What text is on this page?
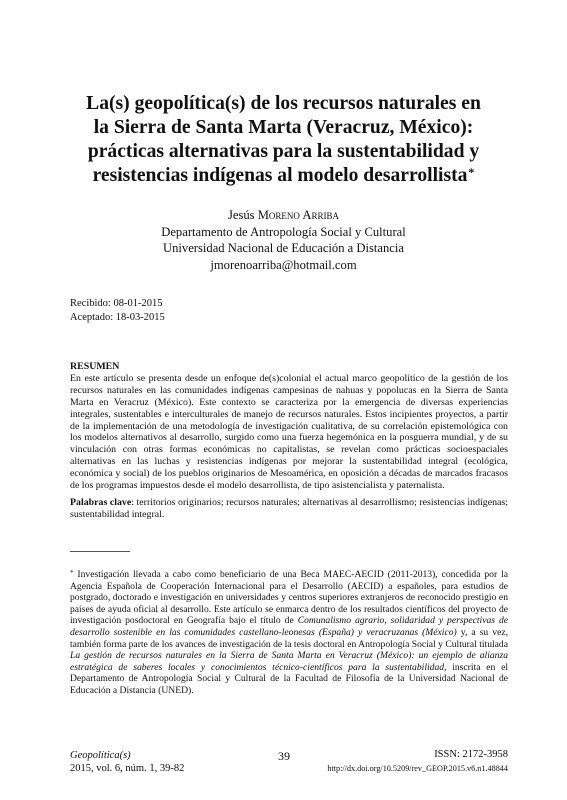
La(s) geopolítica(s) de los recursos naturales en
la Sierra de Santa Marta (Veracruz, México):
prácticas alternativas para la sustentabilidad y
resistencias indígenas al modelo desarrollista*
Jesús Moreno Arriba
Departamento de Antropología Social y Cultural
Universidad Nacional de Educación a Distancia
jmorenoarriba@hotmail.com
Recibido: 08-01-2015
Aceptado: 18-03-2015
RESUMEN
En este artículo se presenta desde un enfoque de(s)colonial el actual marco geopolítico de la gestión de los recursos naturales en las comunidades indígenas campesinas de nahuas y popolucas en la Sierra de Santa Marta en Veracruz (México). Este contexto se caracteriza por la emergencia de diversas experiencias integrales, sustentables e interculturales de manejo de recursos naturales. Estos incipientes proyectos, a partir de la implementación de una metodología de investigación cualitativa, de su correlación epistemológica con los modelos alternativos al desarrollo, surgido como una fuerza hegemónica en la posguerra mundial, y de su vinculación con otras formas económicas no capitalistas, se revelan como prácticas socioespaciales alternativas en las luchas y resistencias indígenas por mejorar la sustentabilidad integral (ecológica, económica y social) de los pueblos originarios de Mesoamérica, en oposición a décadas de marcados fracasos de los programas impuestos desde el modelo desarrollista, de tipo asistencialista y paternalista.
Palabras clave: territorios originarios; recursos naturales; alternativas al desarrollismo; resistencias indígenas; sustentabilidad integral.
* Investigación llevada a cabo como beneficiario de una Beca MAEC-AECID (2011-2013), concedida por la Agencia Española de Cooperación Internacional para el Desarrollo (AECID) a españoles, para estudios de postgrado, doctorado e investigación en universidades y centros superiores extranjeros de reconocido prestigio en países de ayuda oficial al desarrollo. Este artículo se enmarca dentro de los resultados científicos del proyecto de investigación posdoctoral en Geografía bajo el título de Comunalismo agrario, solidaridad y perspectivas de desarrollo sostenible en las comunidades castellano-leonesas (España) y veracruzanas (México) y, a su vez, también forma parte de los avances de investigación de la tesis doctoral en Antropología Social y Cultural titulada La gestión de recursos naturales en la Sierra de Santa Marta en Veracruz (México): un ejemplo de alianza estratégica de saberes locales y conocimientos técnico-científicos para la sustentabilidad, inscrita en el Departamento de Antropología Social y Cultural de la Facultad de Filosofía de la Universidad Nacional de Educación a Distancia (UNED).
Geopolítica(s)
2015, vol. 6, núm. 1, 39-82
39	ISSN: 2172-3958
http://dx.doi.org/10.5209/rev_GEOP.2015.v6.n1.48844
